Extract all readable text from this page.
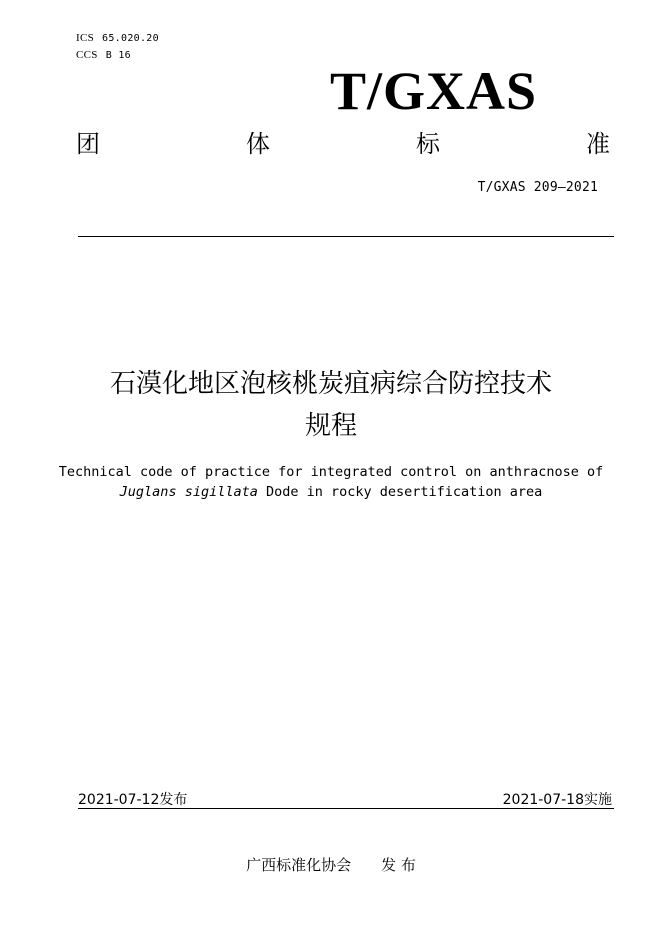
ICS 65.020.20
CCS B 16
T/GXAS
团	体	标	准
T/GXAS 209—2021
石漠化地区泡核桃炭疽病综合防控技术
规程
Technical code of practice for integrated control on anthracnose of
Juglans sigillata Dode in rocky desertification area
2021-07-12发布	2021-07-18实施
广西标准化协会 发 布
